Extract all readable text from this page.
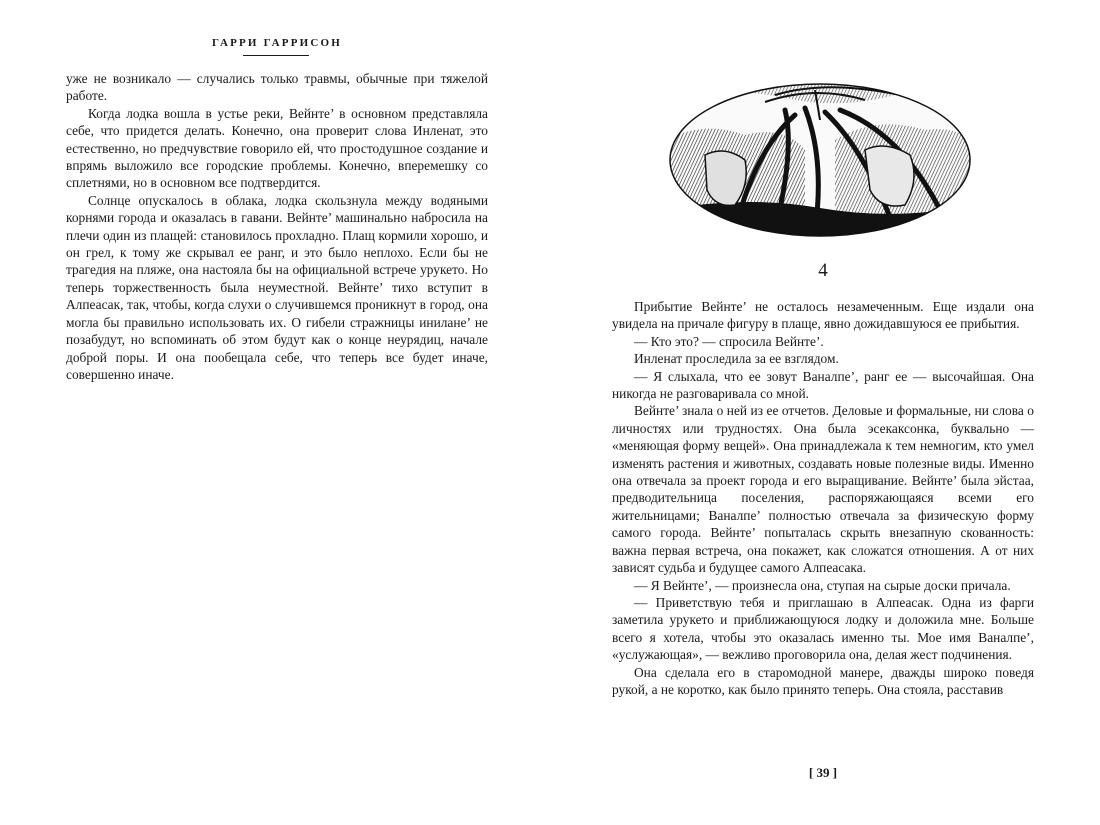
ГАРРИ ГАРРИСОН

уже не возникало — случались только травмы, обычные при тяжелой работе.

Когда лодка вошла в устье реки, Вейнте’ в основном представляла себе, что придется делать. Конечно, она проверит слова Инленат, это естественно, но предчувствие говорило ей, что простодушное создание и впрямь выложило все городские проблемы. Конечно, вперемешку со сплетнями, но в основном все подтвердится.

Солнце опускалось в облака, лодка скользнула между водяными корнями города и оказалась в гавани. Вейнте’ машинально набросила на плечи один из плащей: становилось прохладно. Плащ кормили хорошо, и он грел, к тому же скрывал ее ранг, и это было неплохо. Если бы не трагедия на пляже, она настояла бы на официальной встрече урукето. Но теперь торжественность была неуместной. Вейнте’ тихо вступит в Алпеасак, так, чтобы, когда слухи о случившемся проникнут в город, она могла бы правильно использовать их. О гибели стражницы инилане’ не позабудут, но вспоминать об этом будут как о конце неурядиц, начале доброй поры. И она пообещала себе, что теперь все будет иначе, совершенно иначе.

4

Прибытие Вейнте’ не осталось незамеченным. Еще издали она увидела на причале фигуру в плаще, явно дожидавшуюся ее прибытия.

— Кто это? — спросила Вейнте’.

Инленат проследила за ее взглядом.

— Я слыхала, что ее зовут Ваналпе’, ранг ее — высочайшая. Она никогда не разговаривала со мной.

Вейнте’ знала о ней из ее отчетов. Деловые и формальные, ни слова о личностях или трудностях. Она была эсекаксонка, буквально — «меняющая форму вещей». Она принадлежала к тем немногим, кто умел изменять растения и животных, создавать новые полезные виды. Именно она отвечала за проект города и его выращивание. Вейнте’ была эйстаа, предводительница поселения, распоряжающаяся всеми его жительницами; Ваналпе’ полностью отвечала за физическую форму самого города. Вейнте’ попыталась скрыть внезапную скованность: важна первая встреча, она покажет, как сложатся отношения. А от них зависят судьба и будущее самого Алпеасака.

— Я Вейнте’, — произнесла она, ступая на сырые доски причала.

— Приветствую тебя и приглашаю в Алпеасак. Одна из фарги заметила урукето и приближающуюся лодку и доложила мне. Больше всего я хотела, чтобы это оказалась именно ты. Мое имя Ваналпе’, «услужающая», — вежливо проговорила она, делая жест подчинения.

Она сделала его в старомодной манере, дважды широко поведя рукой, а не коротко, как было принято теперь. Она стояла, расставив

[ 39 ]
